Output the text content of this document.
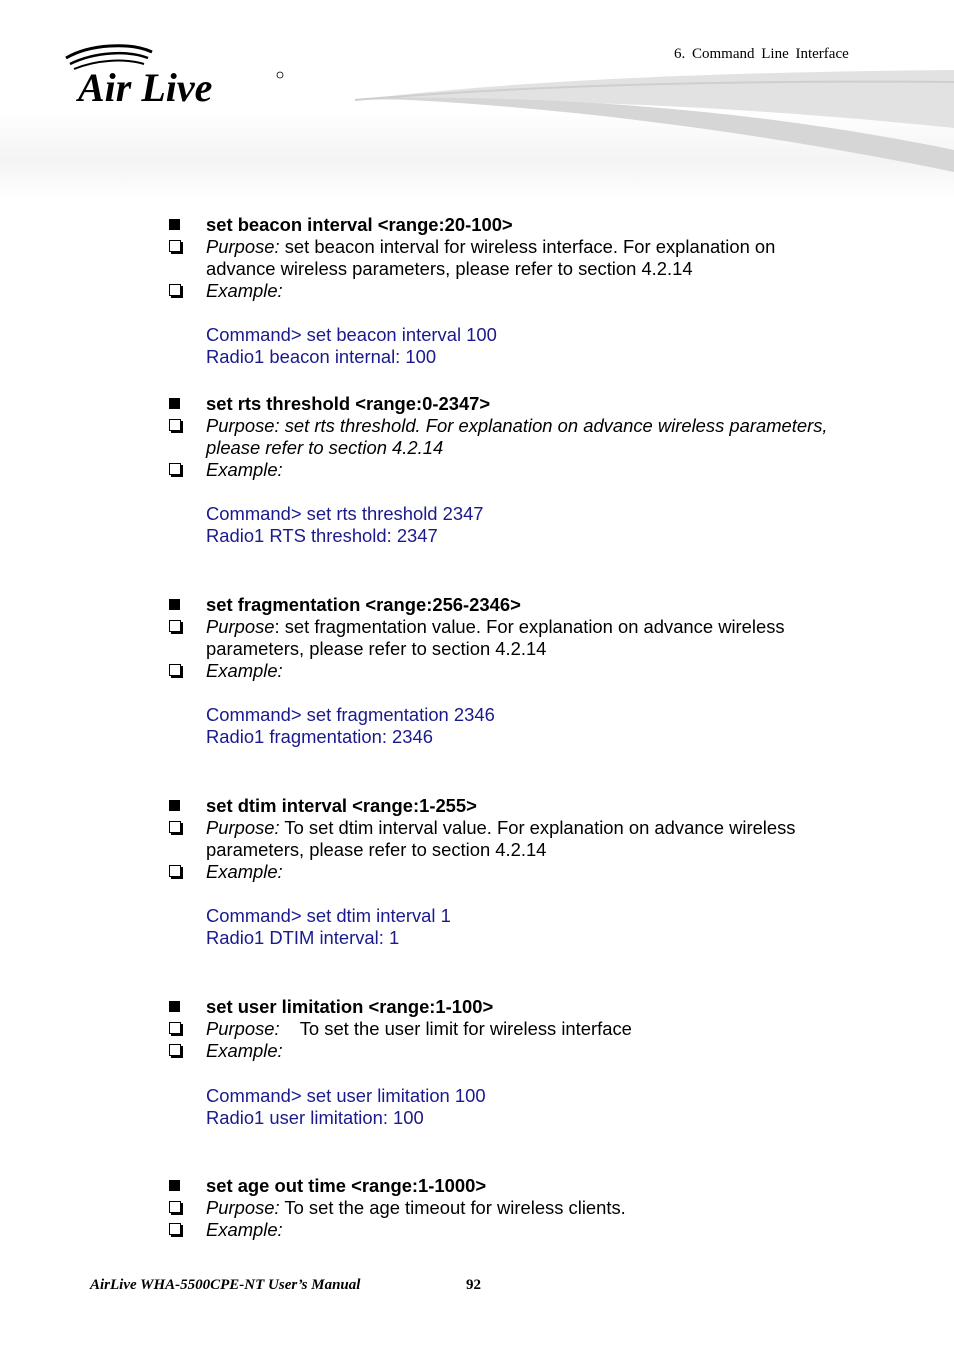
Air Live
6. Command Line Interface
set beacon interval <range:20-100>
Purpose: set beacon interval for wireless interface. For explanation on
advance wireless parameters, please refer to section 4.2.14
Example:
Command> set beacon interval 100
Radio1 beacon internal: 100
set rts threshold <range:0-2347>
Purpose: set rts threshold. For explanation on advance wireless parameters,
please refer to section 4.2.14
Example:
Command> set rts threshold 2347
Radio1 RTS threshold: 2347
set fragmentation <range:256-2346>
Purpose: set fragmentation value. For explanation on advance wireless
parameters, please refer to section 4.2.14
Example:
Command> set fragmentation 2346
Radio1 fragmentation: 2346
set dtim interval <range:1-255>
Purpose: To set dtim interval value. For explanation on advance wireless
parameters, please refer to section 4.2.14
Example:
Command> set dtim interval 1
Radio1 DTIM interval: 1
set user limitation <range:1-100>
Purpose:    To set the user limit for wireless interface
Example:
Command> set user limitation 100
Radio1 user limitation: 100
set age out time <range:1-1000>
Purpose: To set the age timeout for wireless clients.
Example:
AirLive WHA-5500CPE-NT User’s Manual	92
